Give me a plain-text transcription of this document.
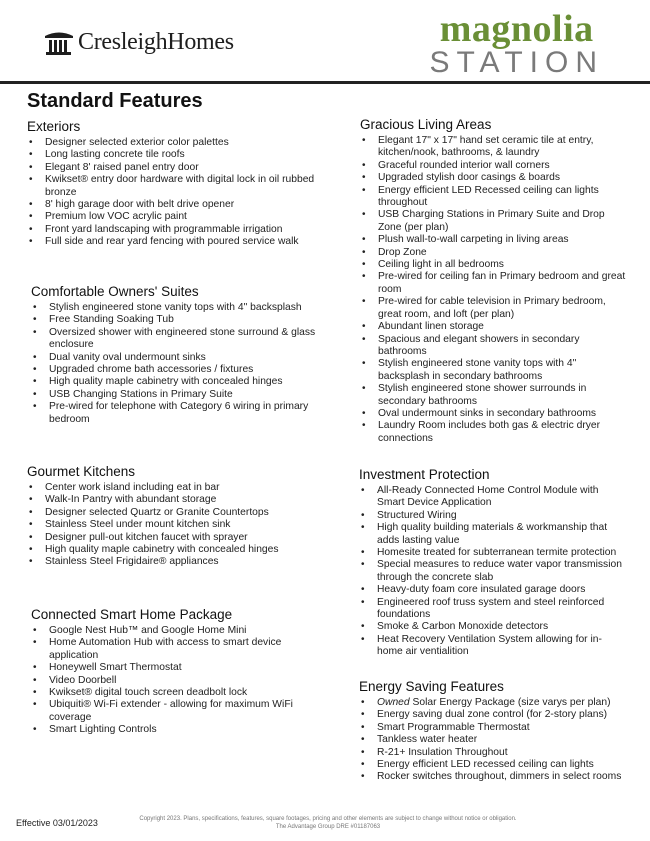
CresleighHomes	magnolia
STATION
Standard Features
Exteriors
• Designer selected exterior color palettes
• Long lasting concrete tile roofs
• Elegant 8' raised panel entry door
• Kwikset® entry door hardware with digital lock in oil rubbed bronze
• 8' high garage door with belt drive opener
• Premium low VOC acrylic paint
• Front yard landscaping with programmable irrigation
• Full side and rear yard fencing with poured service walk
Comfortable Owners' Suites
• Stylish engineered stone vanity tops with 4" backsplash
• Free Standing Soaking Tub
• Oversized shower with engineered stone surround & glass enclosure
• Dual vanity oval undermount sinks
• Upgraded chrome bath accessories / fixtures
• High quality maple cabinetry with concealed hinges
• USB Changing Stations in Primary Suite
• Pre-wired for telephone with Category 6 wiring in primary bedroom
Gourmet Kitchens
• Center work island including eat in bar
• Walk-In Pantry with abundant storage
• Designer selected Quartz or Granite Countertops
• Stainless Steel under mount kitchen sink
• Designer pull-out kitchen faucet with sprayer
• High quality maple cabinetry with concealed hinges
• Stainless Steel Frigidaire® appliances
Connected Smart Home Package
• Google Nest Hub™ and Google Home Mini
• Home Automation Hub with access to smart device application
• Honeywell Smart Thermostat
• Video Doorbell
• Kwikset® digital touch screen deadbolt lock
• Ubiquiti® Wi-Fi extender - allowing for maximum WiFi coverage
• Smart Lighting Controls
Gracious Living Areas
• Elegant 17" x 17" hand set ceramic tile at entry, kitchen/nook, bathrooms, & laundry
• Graceful rounded interior wall corners
• Upgraded stylish door casings & boards
• Energy efficient LED Recessed ceiling can lights throughout
• USB Charging Stations in Primary Suite and Drop Zone (per plan)
• Plush wall-to-wall carpeting in living areas
• Drop Zone
• Ceiling light in all bedrooms
• Pre-wired for ceiling fan in Primary bedroom and great room
• Pre-wired for cable television in Primary bedroom, great room, and loft (per plan)
• Abundant linen storage
• Spacious and elegant showers in secondary bathrooms
• Stylish engineered stone vanity tops with 4" backsplash in secondary bathrooms
• Stylish engineered stone shower surrounds in secondary bathrooms
• Oval undermount sinks in secondary bathrooms
• Laundry Room includes both gas & electric dryer connections
Investment Protection
• All-Ready Connected Home Control Module with Smart Device Application
• Structured Wiring
• High quality building materials & workmanship that adds lasting value
• Homesite treated for subterranean termite protection
• Special measures to reduce water vapor transmission through the concrete slab
• Heavy-duty foam core insulated garage doors
• Engineered roof truss system and steel reinforced foundations
• Smoke & Carbon Monoxide detectors
• Heat Recovery Ventilation System allowing for in-home air ventialition
Energy Saving Features
• Owned Solar Energy Package (size varys per plan)
• Energy saving dual zone control (for 2-story plans)
• Smart Programmable Thermostat
• Tankless water heater
• R-21+ Insulation Throughout
• Energy efficient LED recessed ceiling can lights
• Rocker switches throughout, dimmers in select rooms
Effective 03/01/2023	Copyright 2023. Plans, specifications, features, square footages, pricing and other elements are subject to change without notice or obligation.
The Advantage Group DRE #01187063
